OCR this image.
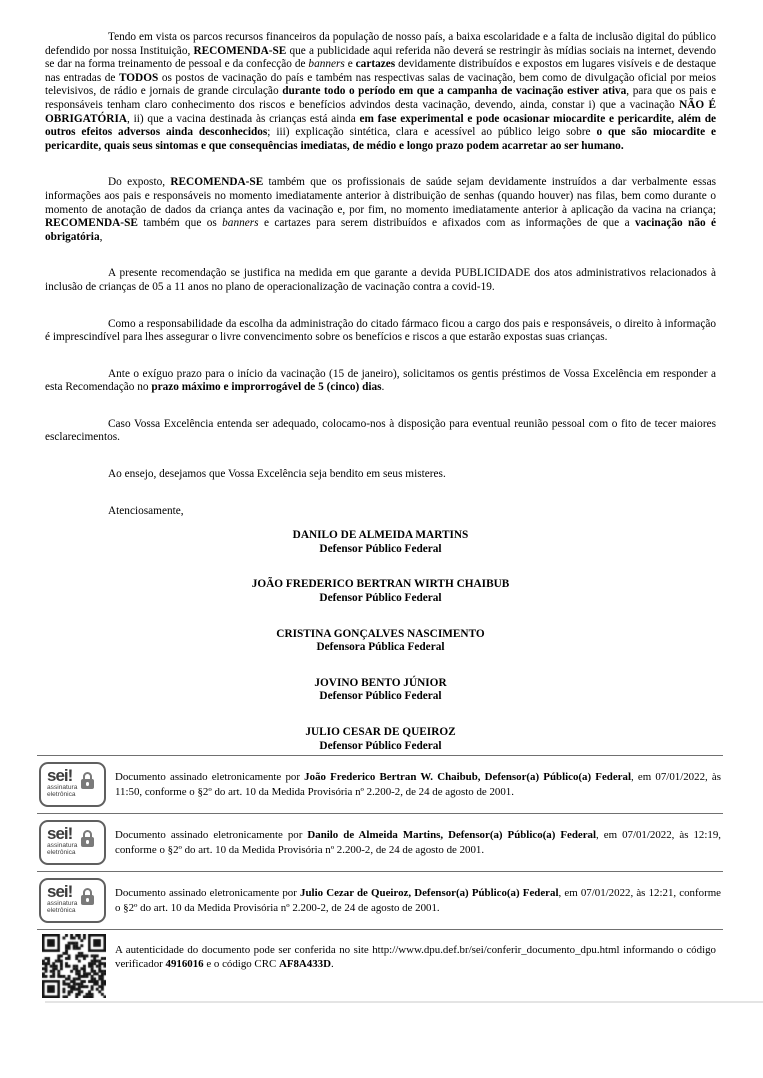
Tendo em vista os parcos recursos financeiros da população de nosso país, a baixa escolaridade e a falta de inclusão digital do público defendido por nossa Instituição, RECOMENDA-SE que a publicidade aqui referida não deverá se restringir às mídias sociais na internet, devendo se dar na forma treinamento de pessoal e da confecção de banners e cartazes devidamente distribuídos e expostos em lugares visíveis e de destaque nas entradas de TODOS os postos de vacinação do país e também nas respectivas salas de vacinação, bem como de divulgação oficial por meios televisivos, de rádio e jornais de grande circulação durante todo o período em que a campanha de vacinação estiver ativa, para que os pais e responsáveis tenham claro conhecimento dos riscos e benefícios advindos desta vacinação, devendo, ainda, constar i) que a vacinação NÃO É OBRIGATÓRIA, ii) que a vacina destinada às crianças está ainda em fase experimental e pode ocasionar miocardite e pericardite, além de outros efeitos adversos ainda desconhecidos; iii) explicação sintética, clara e acessível ao público leigo sobre o que são miocardite e pericardite, quais seus sintomas e que consequências imediatas, de médio e longo prazo podem acarretar ao ser humano.

Do exposto, RECOMENDA-SE também que os profissionais de saúde sejam devidamente instruídos a dar verbalmente essas informações aos pais e responsáveis no momento imediatamente anterior à distribuição de senhas (quando houver) nas filas, bem como durante o momento de anotação de dados da criança antes da vacinação e, por fim, no momento imediatamente anterior à aplicação da vacina na criança; RECOMENDA-SE também que os banners e cartazes para serem distribuídos e afixados com as informações de que a vacinação não é obrigatória,

A presente recomendação se justifica na medida em que garante a devida PUBLICIDADE dos atos administrativos relacionados à inclusão de crianças de 05 a 11 anos no plano de operacionalização de vacinação contra a covid-19.

Como a responsabilidade da escolha da administração do citado fármaco ficou a cargo dos pais e responsáveis, o direito à informação é imprescindível para lhes assegurar o livre convencimento sobre os benefícios e riscos a que estarão expostas suas crianças.

Ante o exíguo prazo para o início da vacinação (15 de janeiro), solicitamos os gentis préstimos de Vossa Excelência em responder a esta Recomendação no prazo máximo e improrrogável de 5 (cinco) dias.

Caso Vossa Excelência entenda ser adequado, colocamo-nos à disposição para eventual reunião pessoal com o fito de tecer maiores esclarecimentos.

Ao ensejo, desejamos que Vossa Excelência seja bendito em seus misteres.

Atenciosamente,

DANILO DE ALMEIDA MARTINS
Defensor Público Federal
JOÃO FREDERICO BERTRAN WIRTH CHAIBUB
Defensor Público Federal
CRISTINA GONÇALVES NASCIMENTO
Defensora Pública Federal
JOVINO BENTO JÚNIOR
Defensor Público Federal
JULIO CESAR DE QUEIROZ
Defensor Público Federal
sei!
assinatura
eletrônica
Documento assinado eletronicamente por João Frederico Bertran W. Chaibub, Defensor(a) Público(a) Federal, em 07/01/2022, às 11:50, conforme o §2º do art. 10 da Medida Provisória nº 2.200-2, de 24 de agosto de 2001.
sei!
assinatura
eletrônica
Documento assinado eletronicamente por Danilo de Almeida Martins, Defensor(a) Público(a) Federal, em 07/01/2022, às 12:19, conforme o §2º do art. 10 da Medida Provisória nº 2.200-2, de 24 de agosto de 2001.
sei!
assinatura
eletrônica
Documento assinado eletronicamente por Julio Cezar de Queiroz, Defensor(a) Público(a) Federal, em 07/01/2022, às 12:21, conforme o §2º do art. 10 da Medida Provisória nº 2.200-2, de 24 de agosto de 2001.
A autenticidade do documento pode ser conferida no site http://www.dpu.def.br/sei/conferir_documento_dpu.html informando o código verificador 4916016 e o código CRC AF8A433D.
